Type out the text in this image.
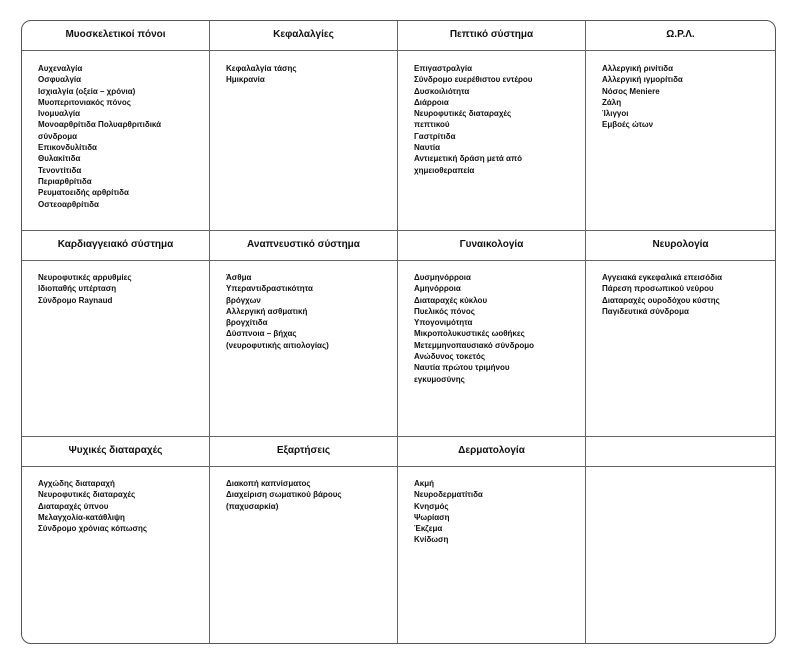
Μυοσκελετικοί πόνοι
Αυχεναλγία
Οσφυαλγία
Ισχιαλγία (οξεία – χρόνια)
Μυοπεριτονιακός πόνος
Ινομυαλγία
Μονοαρθρίτιδα Πολυαρθριτιδικά
σύνδρομα
Επικονδυλίτιδα
Θυλακίτιδα
Τενοντίτιδα
Περιαρθρίτιδα
Ρευματοειδής αρθρίτιδα
Οστεοαρθρίτιδα
Κεφαλαλγίες
Κεφαλαλγία τάσης
Ημικρανία
Πεπτικό σύστημα
Επιγαστραλγία
Σύνδρομο ευερέθιστου εντέρου
Δυσκοιλιότητα
Διάρροια
Νευροφυτικές διαταραχές
πεπτικού
Γαστρίτιδα
Ναυτία
Αντιεμετική δράση μετά από
χημειοθεραπεία
Ω.Ρ.Λ.
Αλλεργική ρινίτιδα
Αλλεργική ιγμορίτιδα
Νόσος Meniere
Ζάλη
Ίλιγγοι
Εμβοές ώτων
Καρδιαγγειακό σύστημα
Νευροφυτικές αρρυθμίες
Ιδιοπαθής υπέρταση
Σύνδρομο Raynaud
Αναπνευστικό σύστημα
Άσθμα
Υπεραντιδραστικότητα
βρόγχων
Αλλεργική ασθματική
βρογχίτιδα
Δύσπνοια – βήχας
(νευροφυτικής αιτιολογίας)
Γυναικολογία
Δυσμηνόρροια
Αμηνόρροια
Διαταραχές κύκλου
Πυελικός πόνος
Υπογονιμότητα
Μικροπολυκυστικές ωοθήκες
Μετεμμηνοπαυσιακό σύνδρομο
Ανώδυνος τοκετός
Ναυτία πρώτου τριμήνου
εγκυμοσύνης
Νευρολογία
Αγγειακά εγκεφαλικά επεισόδια
Πάρεση προσωπικού νεύρου
Διαταραχές ουροδόχου κύστης
Παγιδευτικά σύνδρομα
Ψυχικές διαταραχές
Αγχώδης διαταραχή
Νευροφυτικές διαταραχές
Διαταραχές ύπνου
Μελαγχολία-κατάθλιψη
Σύνδρομο χρόνιας κόπωσης
Εξαρτήσεις
Διακοπή καπνίσματος
Διαχείριση σωματικού βάρους
(παχυσαρκία)
Δερματολογία
Ακμή
Νευροδερματίτιδα
Κνησμός
Ψωρίαση
Έκζεμα
Κνίδωση
